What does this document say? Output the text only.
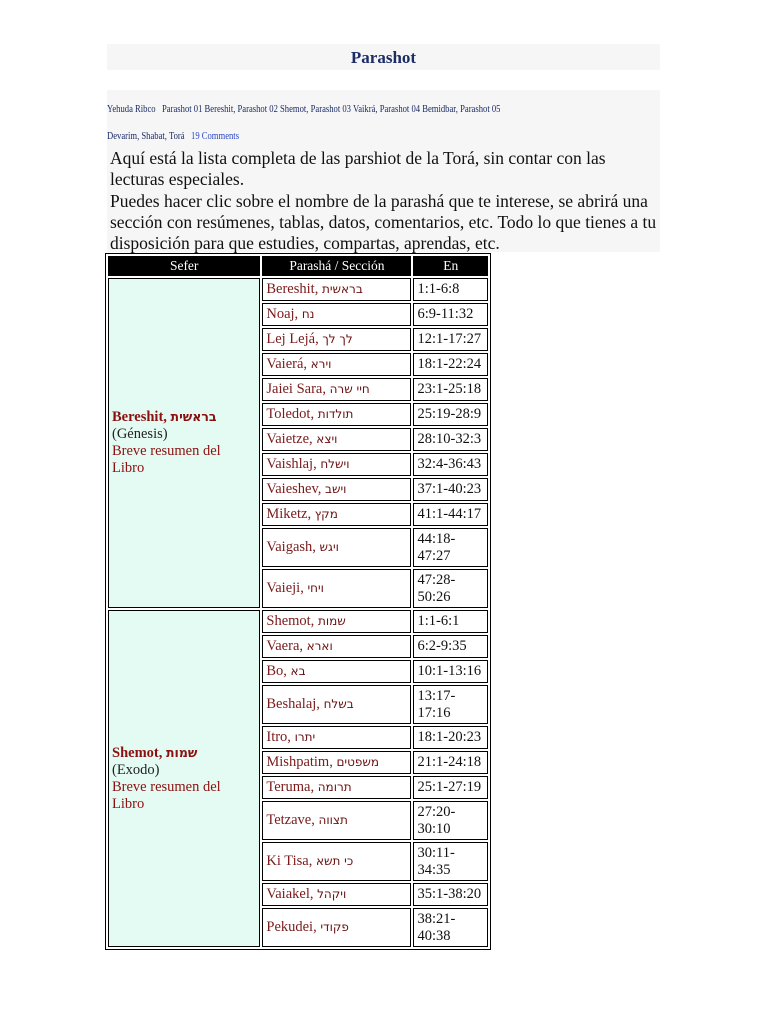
Parashot
Yehuda Ribco Parashot 01 Bereshit, Parashot 02 Shemot, Parashot 03 Vaikrá, Parashot 04 Bemidbar, Parashot 05
Devarim, Shabat, Torá 19 Comments

Aquí está la lista completa de las parshiot de la Torá, sin contar con las lecturas especiales.

Puedes hacer clic sobre el nombre de la parashá que te interese, se abrirá una sección con resúmenes, tablas, datos, comentarios, etc. Todo lo que tienes a tu disposición para que estudies, compartas, aprendas, etc.

Sefer	Parashá / Sección	En
Bereshit, בראשית
(Génesis)
Breve resumen del Libro	Bereshit, בראשית	1:1-6:8
	Noaj, נח	6:9-11:32
	Lej Lejá, לך לך	12:1-17:27
	Vaierá, וירא	18:1-22:24
	Jaiei Sara, חיי שרה	23:1-25:18
	Toledot, תולדות	25:19-28:9
	Vaietze, ויצא	28:10-32:3
	Vaishlaj, וישלח	32:4-36:43
	Vaieshev, וישב	37:1-40:23
	Miketz, מקץ	41:1-44:17
	Vaigash, ויגש	44:18-47:27
	Vaieji, ויחי	47:28-50:26
Shemot, שמות
(Exodo)
Breve resumen del Libro	Shemot, שמות	1:1-6:1
	Vaera, וארא	6:2-9:35
	Bo, בא	10:1-13:16
	Beshalaj, בשלח	13:17-17:16
	Itro, יתרו	18:1-20:23
	Mishpatim, משפטים	21:1-24:18
	Teruma, תרומה	25:1-27:19
	Tetzave, תצווה	27:20-30:10
	Ki Tisa, כי תשא	30:11-34:35
	Vaiakel, ויקהל	35:1-38:20
	Pekudei, פקודי	38:21-40:38
